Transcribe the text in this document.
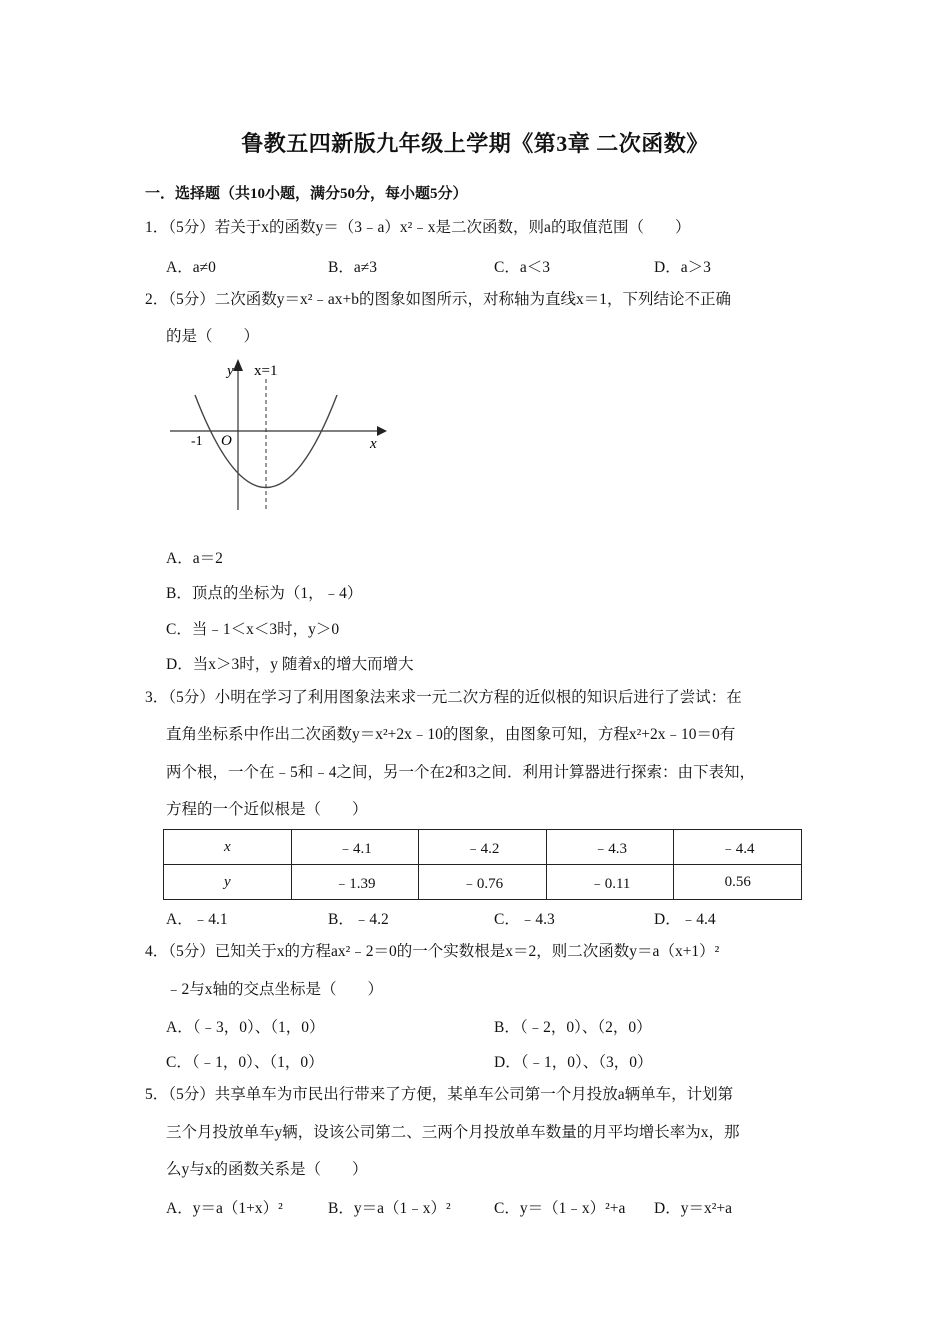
鲁教五四新版九年级上学期《第3章 二次函数》
一．选择题（共10小题，满分50分，每小题5分）
1．（5分）若关于x的函数y＝（3﹣a）x²﹣x是二次函数，则a的取值范围（　　）
A．a≠0	B．a≠3	C．a＜3	D．a＞3
2．（5分）二次函数y＝x²﹣ax+b的图象如图所示，对称轴为直线x＝1，下列结论不正确
的是（　　）
y x=1
-1 O	x
A．a＝2
B．顶点的坐标为（1，﹣4）
C．当﹣1＜x＜3时，y＞0
D．当x＞3时，y 随着x的增大而增大
3．（5分）小明在学习了利用图象法来求一元二次方程的近似根的知识后进行了尝试：在
直角坐标系中作出二次函数y＝x²+2x﹣10的图象，由图象可知，方程x²+2x﹣10＝0有
两个根，一个在﹣5和﹣4之间，另一个在2和3之间．利用计算器进行探索：由下表知，
方程的一个近似根是（　　）
x	﹣4.1	﹣4.2	﹣4.3	﹣4.4
y	﹣1.39	﹣0.76	﹣0.11	0.56
A．﹣4.1	B．﹣4.2	C．﹣4.3	D．﹣4.4
4．（5分）已知关于x的方程ax²﹣2＝0的一个实数根是x＝2，则二次函数y＝a（x+1）²
﹣2与x轴的交点坐标是（　　）
A．（﹣3，0）、（1，0）	B．（﹣2，0）、（2，0）
C．（﹣1，0）、（1，0）	D．（﹣1，0）、（3，0）
5．（5分）共享单车为市民出行带来了方便，某单车公司第一个月投放a辆单车，计划第
三个月投放单车y辆，设该公司第二、三两个月投放单车数量的月平均增长率为x，那
么y与x的函数关系是（　　）
A．y＝a（1+x）²	B．y＝a（1﹣x）²	C．y＝（1﹣x）²+a D．y＝x²+a
